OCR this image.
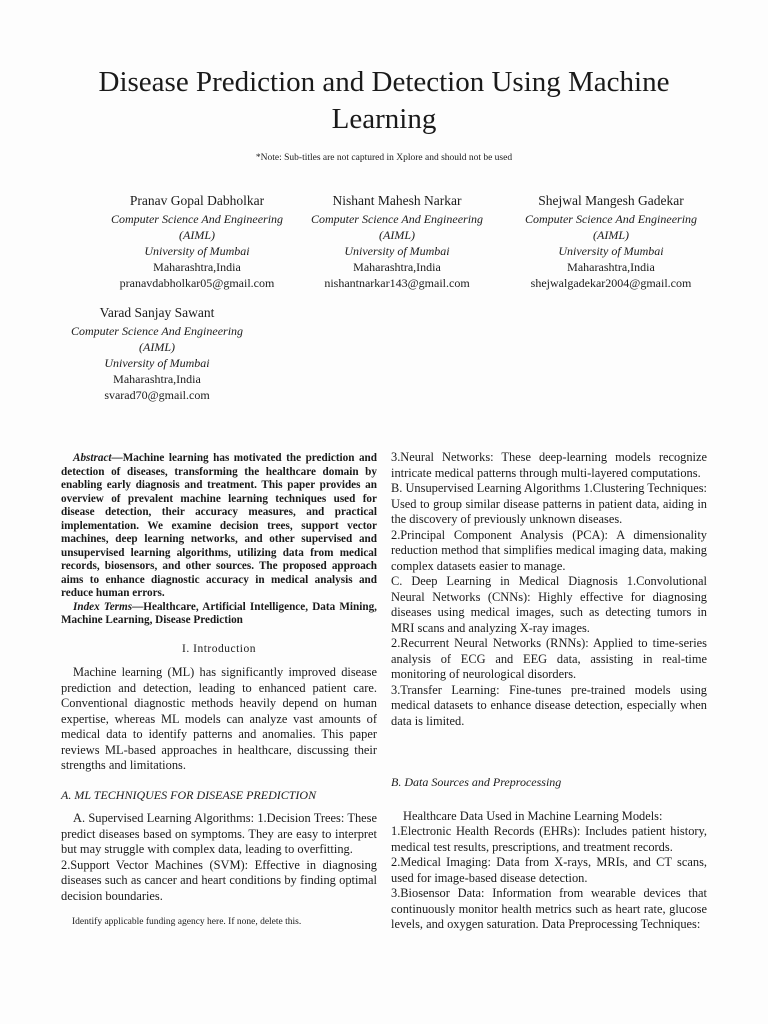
Disease Prediction and Detection Using Machine Learning
*Note: Sub-titles are not captured in Xplore and should not be used
Pranav Gopal Dabholkar
Computer Science And Engineering
(AIML)
University of Mumbai
Maharashtra,India
pranavdabholkar05@gmail.com
Nishant Mahesh Narkar
Computer Science And Engineering
(AIML)
University of Mumbai
Maharashtra,India
nishantnarkar143@gmail.com
Shejwal Mangesh Gadekar
Computer Science And Engineering
(AIML)
University of Mumbai
Maharashtra,India
shejwalgadekar2004@gmail.com
Varad Sanjay Sawant
Computer Science And Engineering
(AIML)
University of Mumbai
Maharashtra,India
svarad70@gmail.com

Abstract—Machine learning has motivated the prediction and detection of diseases, transforming the healthcare domain by enabling early diagnosis and treatment. This paper provides an overview of prevalent machine learning techniques used for disease detection, their accuracy measures, and practical implementation. We examine decision trees, support vector machines, deep learning networks, and other supervised and unsupervised learning algorithms, utilizing data from medical records, biosensors, and other sources. The proposed approach aims to enhance diagnostic accuracy in medical analysis and reduce human errors.

Index Terms—Healthcare, Artificial Intelligence, Data Mining, Machine Learning, Disease Prediction

I. Introduction

Machine learning (ML) has significantly improved disease prediction and detection, leading to enhanced patient care. Conventional diagnostic methods heavily depend on human expertise, whereas ML models can analyze vast amounts of medical data to identify patterns and anomalies. This paper reviews ML-based approaches in healthcare, discussing their strengths and limitations.

A. ML TECHNIQUES FOR DISEASE PREDICTION

A. Supervised Learning Algorithms: 1.Decision Trees: These predict diseases based on symptoms. They are easy to interpret but may struggle with complex data, leading to overfitting.

2.Support Vector Machines (SVM): Effective in diagnosing diseases such as cancer and heart conditions by finding optimal decision boundaries.

Identify applicable funding agency here. If none, delete this.

3.Neural Networks: These deep-learning models recognize intricate medical patterns through multi-layered computations.

B. Unsupervised Learning Algorithms 1.Clustering Techniques: Used to group similar disease patterns in patient data, aiding in the discovery of previously unknown diseases.

2.Principal Component Analysis (PCA): A dimensionality reduction method that simplifies medical imaging data, making complex datasets easier to manage.

C. Deep Learning in Medical Diagnosis 1.Convolutional Neural Networks (CNNs): Highly effective for diagnosing diseases using medical images, such as detecting tumors in MRI scans and analyzing X-ray images.

2.Recurrent Neural Networks (RNNs): Applied to time-series analysis of ECG and EEG data, assisting in real-time monitoring of neurological disorders.

3.Transfer Learning: Fine-tunes pre-trained models using medical datasets to enhance disease detection, especially when data is limited.

B. Data Sources and Preprocessing

Healthcare Data Used in Machine Learning Models:

1.Electronic Health Records (EHRs): Includes patient history, medical test results, prescriptions, and treatment records.

2.Medical Imaging: Data from X-rays, MRIs, and CT scans, used for image-based disease detection.

3.Biosensor Data: Information from wearable devices that continuously monitor health metrics such as heart rate, glucose levels, and oxygen saturation. Data Preprocessing Techniques:
